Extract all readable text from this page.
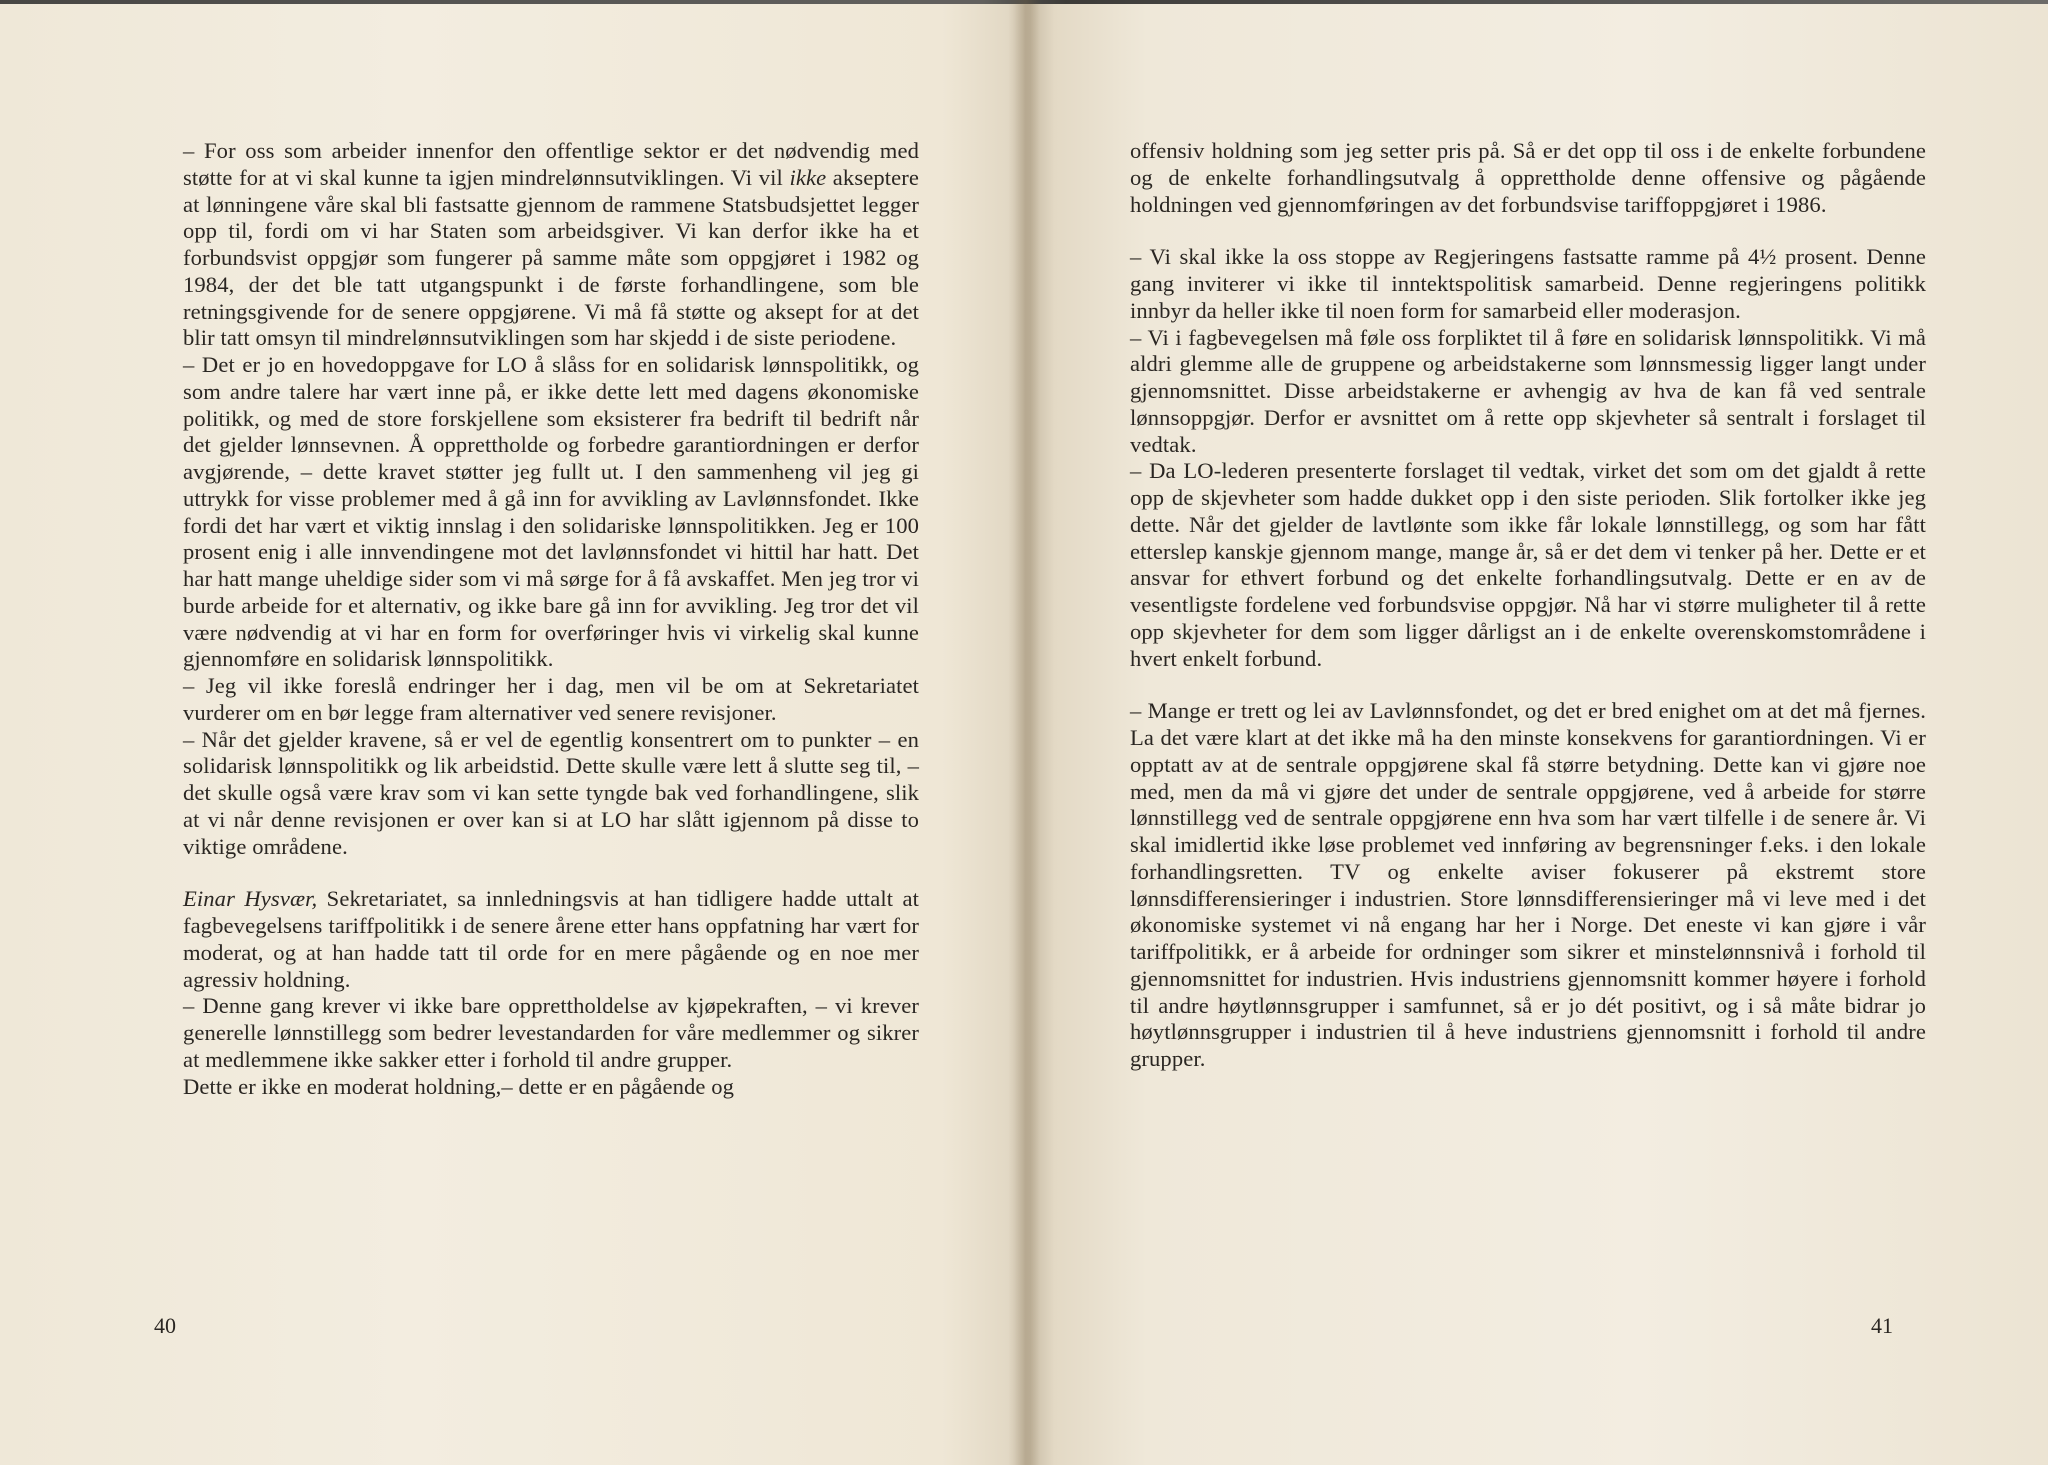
– For oss som arbeider innenfor den offentlige sektor er det nødvendig med støtte for at vi skal kunne ta igjen mindrelønnsutviklingen. Vi vil ikke akseptere at lønningene våre skal bli fastsatte gjennom de rammene Statsbudsjettet legger opp til, fordi om vi har Staten som arbeidsgiver. Vi kan derfor ikke ha et forbundsvist oppgjør som fungerer på samme måte som oppgjøret i 1982 og 1984, der det ble tatt utgangspunkt i de første forhandlingene, som ble retningsgivende for de senere oppgjørene. Vi må få støtte og aksept for at det blir tatt omsyn til mindrelønnsutviklingen som har skjedd i de siste periodene.

– Det er jo en hovedoppgave for LO å slåss for en solidarisk lønnspolitikk, og som andre talere har vært inne på, er ikke dette lett med dagens økonomiske politikk, og med de store forskjellene som eksisterer fra bedrift til bedrift når det gjelder lønnsevnen. Å opprettholde og forbedre garantiordningen er derfor avgjørende, – dette kravet støtter jeg fullt ut. I den sammenheng vil jeg gi uttrykk for visse problemer med å gå inn for avvikling av Lavlønnsfondet. Ikke fordi det har vært et viktig innslag i den solidariske lønnspolitikken. Jeg er 100 prosent enig i alle innvendingene mot det lavlønnsfondet vi hittil har hatt. Det har hatt mange uheldige sider som vi må sørge for å få avskaffet. Men jeg tror vi burde arbeide for et alternativ, og ikke bare gå inn for avvikling. Jeg tror det vil være nødvendig at vi har en form for overføringer hvis vi virkelig skal kunne gjennomføre en solidarisk lønnspolitikk.

– Jeg vil ikke foreslå endringer her i dag, men vil be om at Sekretariatet vurderer om en bør legge fram alternativer ved senere revisjoner.

– Når det gjelder kravene, så er vel de egentlig konsentrert om to punkter – en solidarisk lønnspolitikk og lik arbeidstid. Dette skulle være lett å slutte seg til, – det skulle også være krav som vi kan sette tyngde bak ved forhandlingene, slik at vi når denne revisjonen er over kan si at LO har slått igjennom på disse to viktige områdene.

Einar Hysvær, Sekretariatet, sa innledningsvis at han tidligere hadde uttalt at fagbevegelsens tariffpolitikk i de senere årene etter hans oppfatning har vært for moderat, og at han hadde tatt til orde for en mere pågående og en noe mer agressiv holdning.

– Denne gang krever vi ikke bare opprettholdelse av kjøpekraften, – vi krever generelle lønnstillegg som bedrer levestandarden for våre medlemmer og sikrer at medlemmene ikke sakker etter i forhold til andre grupper.

Dette er ikke en moderat holdning,– dette er en pågående og

40

offensiv holdning som jeg setter pris på. Så er det opp til oss i de enkelte forbundene og de enkelte forhandlingsutvalg å opprettholde denne offensive og pågående holdningen ved gjennomføringen av det forbundsvise tariffoppgjøret i 1986.

– Vi skal ikke la oss stoppe av Regjeringens fastsatte ramme på 4½ prosent. Denne gang inviterer vi ikke til inntektspolitisk samarbeid. Denne regjeringens politikk innbyr da heller ikke til noen form for samarbeid eller moderasjon.

– Vi i fagbevegelsen må føle oss forpliktet til å føre en solidarisk lønnspolitikk. Vi må aldri glemme alle de gruppene og arbeidstakerne som lønnsmessig ligger langt under gjennomsnittet. Disse arbeidstakerne er avhengig av hva de kan få ved sentrale lønnsoppgjør. Derfor er avsnittet om å rette opp skjevheter så sentralt i forslaget til vedtak.

– Da LO-lederen presenterte forslaget til vedtak, virket det som om det gjaldt å rette opp de skjevheter som hadde dukket opp i den siste perioden. Slik fortolker ikke jeg dette. Når det gjelder de lavtlønte som ikke får lokale lønnstillegg, og som har fått etterslep kanskje gjennom mange, mange år, så er det dem vi tenker på her. Dette er et ansvar for ethvert forbund og det enkelte forhandlingsutvalg. Dette er en av de vesentligste fordelene ved forbundsvise oppgjør. Nå har vi større muligheter til å rette opp skjevheter for dem som ligger dårligst an i de enkelte overenskomstområdene i hvert enkelt forbund.

– Mange er trett og lei av Lavlønnsfondet, og det er bred enighet om at det må fjernes. La det være klart at det ikke må ha den minste konsekvens for garantiordningen. Vi er opptatt av at de sentrale oppgjørene skal få større betydning. Dette kan vi gjøre noe med, men da må vi gjøre det under de sentrale oppgjørene, ved å arbeide for større lønnstillegg ved de sentrale oppgjørene enn hva som har vært tilfelle i de senere år. Vi skal imidlertid ikke løse problemet ved innføring av begrensninger f.eks. i den lokale forhandlingsretten. TV og enkelte aviser fokuserer på ekstremt store lønnsdifferensieringer i industrien. Store lønnsdifferensieringer må vi leve med i det økonomiske systemet vi nå engang har her i Norge. Det eneste vi kan gjøre i vår tariffpolitikk, er å arbeide for ordninger som sikrer et minstelønnsnivå i forhold til gjennomsnittet for industrien. Hvis industriens gjennomsnitt kommer høyere i forhold til andre høytlønnsgrupper i samfunnet, så er jo dét positivt, og i så måte bidrar jo høytlønnsgrupper i industrien til å heve industriens gjennomsnitt i forhold til andre grupper.

41
